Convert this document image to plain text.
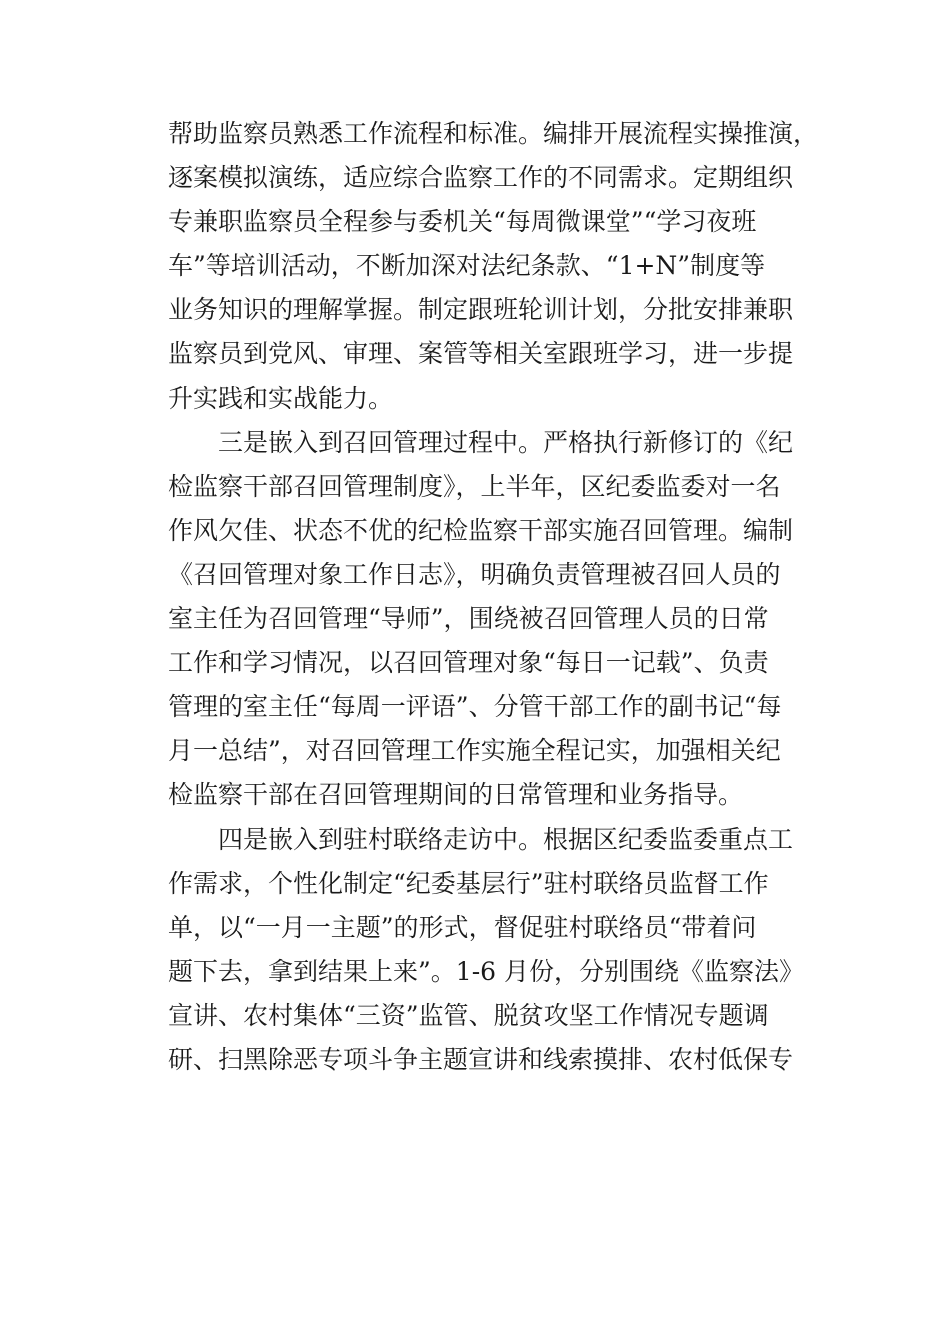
帮助监察员熟悉工作流程和标准。编排开展流程实操推演，
逐案模拟演练，适应综合监察工作的不同需求。定期组织
专兼职监察员全程参与委机关“每周微课堂”“学习夜班
车”等培训活动，不断加深对法纪条款、“1+N”制度等
业务知识的理解掌握。制定跟班轮训计划，分批安排兼职
监察员到党风、审理、案管等相关室跟班学习，进一步提
升实践和实战能力。

三是嵌入到召回管理过程中。严格执行新修订的《纪
检监察干部召回管理制度》，上半年，区纪委监委对一名
作风欠佳、状态不优的纪检监察干部实施召回管理。编制
《召回管理对象工作日志》，明确负责管理被召回人员的
室主任为召回管理“导师”，围绕被召回管理人员的日常
工作和学习情况，以召回管理对象“每日一记载”、负责
管理的室主任“每周一评语”、分管干部工作的副书记“每
月一总结”，对召回管理工作实施全程记实，加强相关纪
检监察干部在召回管理期间的日常管理和业务指导。

四是嵌入到驻村联络走访中。根据区纪委监委重点工
作需求，个性化制定“纪委基层行”驻村联络员监督工作
单，以“一月一主题”的形式，督促驻村联络员“带着问
题下去，拿到结果上来”。1-6 月份，分别围绕《监察法》
宣讲、农村集体“三资”监管、脱贫攻坚工作情况专题调
研、扫黑除恶专项斗争主题宣讲和线索摸排、农村低保专
